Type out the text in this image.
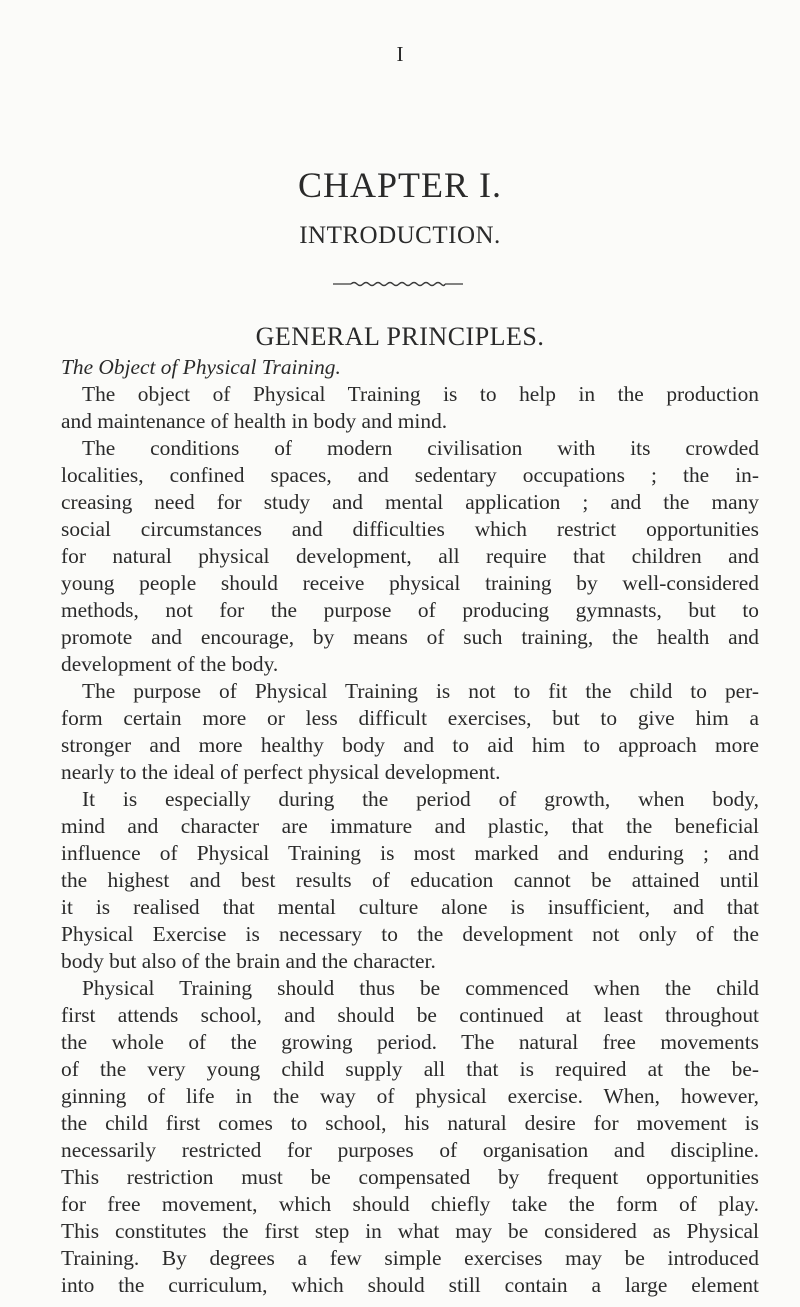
I
CHAPTER I.
INTRODUCTION.
GENERAL PRINCIPLES.

The Object of Physical Training.

The object of Physical Training is to help in the production
and maintenance of health in body and mind.
The conditions of modern civilisation with its crowded
localities, confined spaces, and sedentary occupations ; the in-
creasing need for study and mental application ; and the many
social circumstances and difficulties which restrict opportunities
for natural physical development, all require that children and
young people should receive physical training by well-considered
methods, not for the purpose of producing gymnasts, but to
promote and encourage, by means of such training, the health and
development of the body.
The purpose of Physical Training is not to fit the child to per-
form certain more or less difficult exercises, but to give him a
stronger and more healthy body and to aid him to approach more
nearly to the ideal of perfect physical development.
It is especially during the period of growth, when body,
mind and character are immature and plastic, that the beneficial
influence of Physical Training is most marked and enduring ; and
the highest and best results of education cannot be attained until
it is realised that mental culture alone is insufficient, and that
Physical Exercise is necessary to the development not only of the
body but also of the brain and the character.
Physical Training should thus be commenced when the child
first attends school, and should be continued at least throughout
the whole of the growing period. The natural free movements
of the very young child supply all that is required at the be-
ginning of life in the way of physical exercise. When, however,
the child first comes to school, his natural desire for movement is
necessarily restricted for purposes of organisation and discipline.
This restriction must be compensated by frequent opportunities
for free movement, which should chiefly take the form of play.
This constitutes the first step in what may be considered as Physical
Training. By degrees a few simple exercises may be introduced
into the curriculum, which should still contain a large element
